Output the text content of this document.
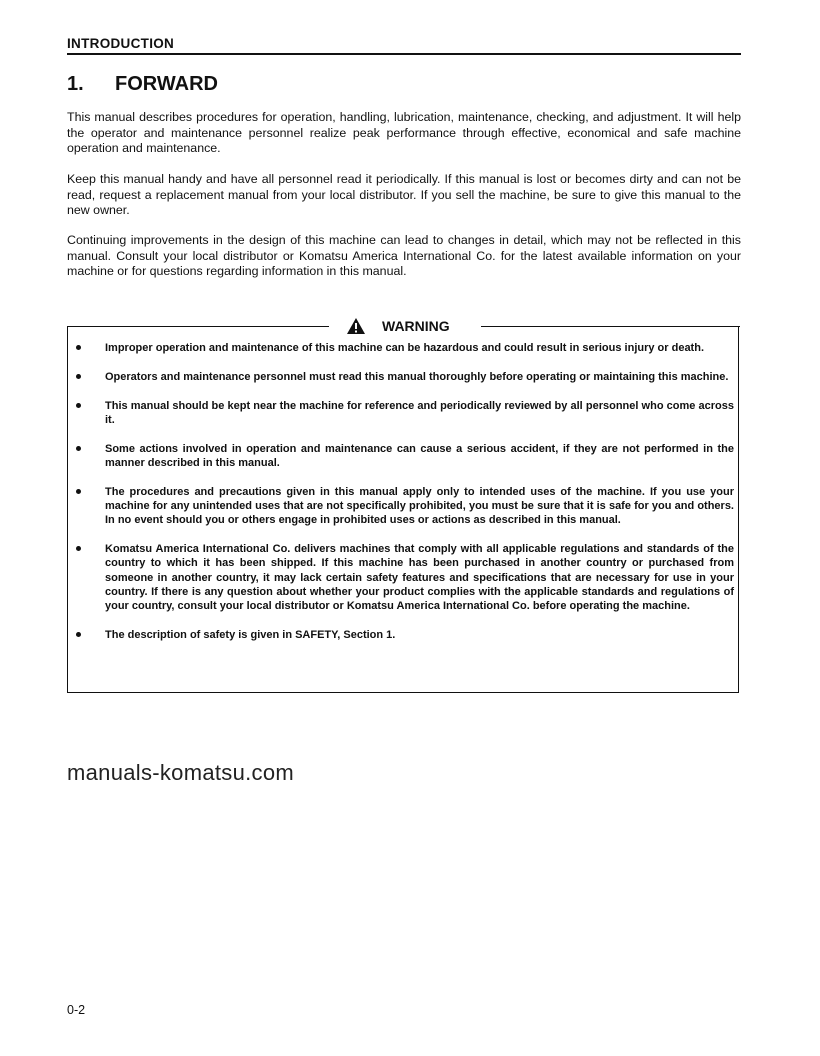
INTRODUCTION
1. FORWARD

This manual describes procedures for operation, handling, lubrication, maintenance, checking, and adjustment. It will help the operator and maintenance personnel realize peak performance through effective, economical and safe machine operation and maintenance.

Keep this manual handy and have all personnel read it periodically. If this manual is lost or becomes dirty and can not be read, request a replacement manual from your local distributor. If you sell the machine, be sure to give this manual to the new owner.

Continuing improvements in the design of this machine can lead to changes in detail, which may not be reflected in this manual. Consult your local distributor or Komatsu America International Co. for the latest available information on your machine or for questions regarding information in this manual.

Improper operation and maintenance of this machine can be hazardous and could result in serious injury or death.
Operators and maintenance personnel must read this manual thoroughly before operating or maintaining this machine.
This manual should be kept near the machine for reference and periodically reviewed by all personnel who come across it.
Some actions involved in operation and maintenance can cause a serious accident, if they are not performed in the manner described in this manual.
The procedures and precautions given in this manual apply only to intended uses of the machine. If you use your machine for any unintended uses that are not specifically prohibited, you must be sure that it is safe for you and others. In no event should you or others engage in prohibited uses or actions as described in this manual.
Komatsu America International Co. delivers machines that comply with all applicable regulations and standards of the country to which it has been shipped. If this machine has been purchased in another country or purchased from someone in another country, it may lack certain safety features and specifications that are necessary for use in your country. If there is any question about whether your product complies with the applicable standards and regulations of your country, consult your local distributor or Komatsu America International Co. before operating the machine.
The description of safety is given in SAFETY, Section 1.
WARNING
manuals-komatsu.com
0-2
